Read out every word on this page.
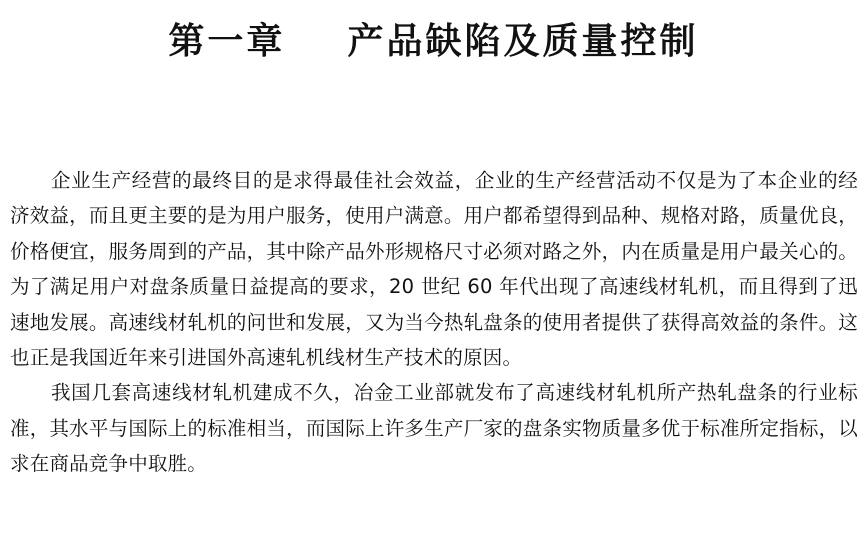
第一章    产品缺陷及质量控制

企业生产经营的最终目的是求得最佳社会效益，企业的生产经营活动不仅是为了本企业的经济效益，而且更主要的是为用户服务，使用户满意。用户都希望得到品种、规格对路，质量优良，价格便宜，服务周到的产品，其中除产品外形规格尺寸必须对路之外，内在质量是用户最关心的。为了满足用户对盘条质量日益提高的要求，20 世纪 60 年代出现了高速线材轧机，而且得到了迅速地发展。高速线材轧机的问世和发展，又为当今热轧盘条的使用者提供了获得高效益的条件。这也正是我国近年来引进国外高速轧机线材生产技术的原因。

我国几套高速线材轧机建成不久，冶金工业部就发布了高速线材轧机所产热轧盘条的行业标准，其水平与国际上的标准相当，而国际上许多生产厂家的盘条实物质量多优于标准所定指标，以求在商品竞争中取胜。
